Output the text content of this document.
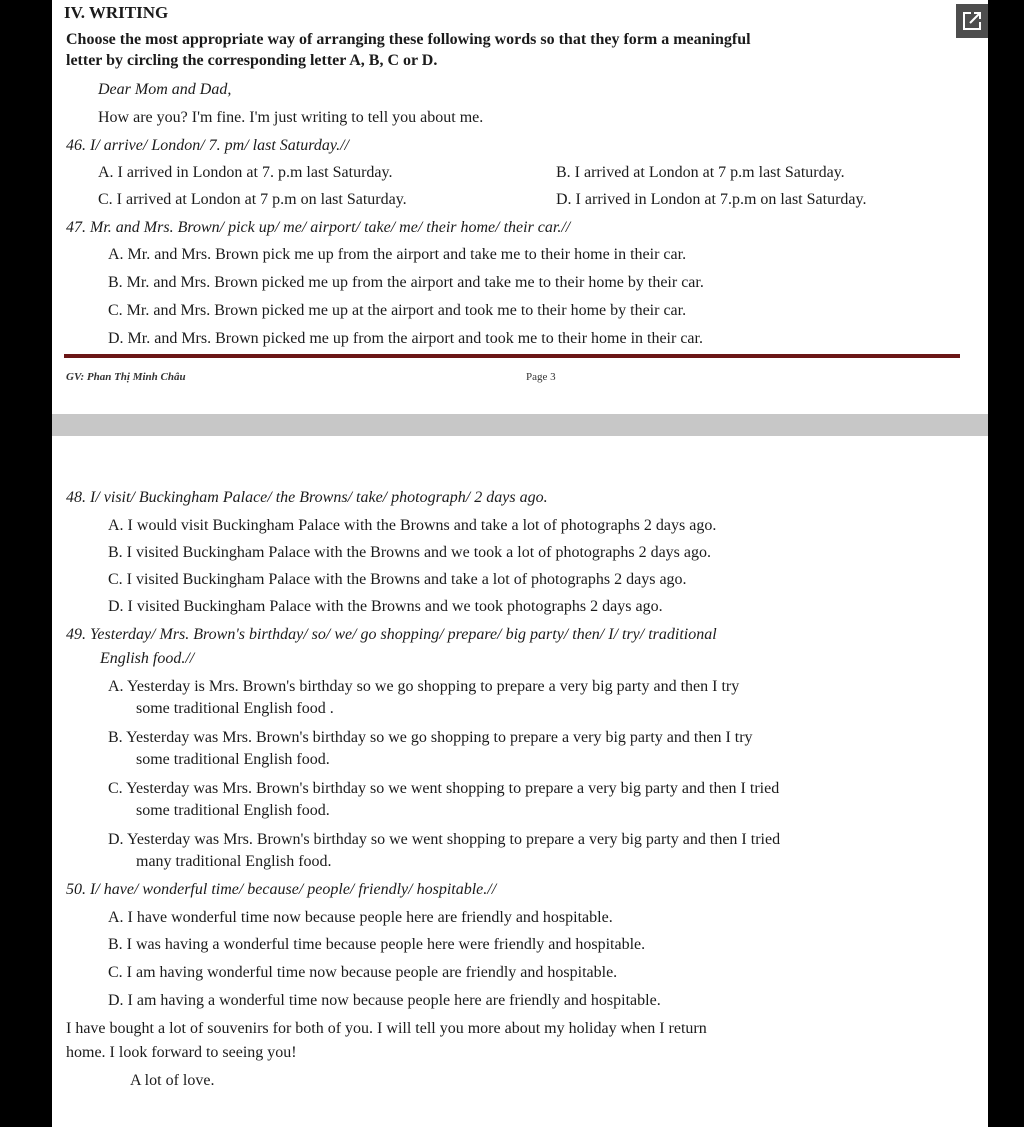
IV. WRITING
Choose the most appropriate way of arranging these following words so that they form a meaningful
letter by circling the corresponding letter A, B, C or D.
Dear Mom and Dad,
How are you? I'm fine. I'm just writing to tell you about me.
46. I/ arrive/ London/ 7. pm/ last Saturday.//
A. I arrived in London at 7. p.m last Saturday.	B. I arrived at London at 7 p.m last Saturday.
C. I arrived at London at 7 p.m on last Saturday.	D. I arrived in London at 7.p.m on last Saturday.
47. Mr. and Mrs. Brown/ pick up/ me/ airport/ take/ me/ their home/ their car.//
A. Mr. and Mrs. Brown pick me up from the airport and take me to their home in their car.
B. Mr. and Mrs. Brown picked me up from the airport and take me to their home by their car.
C. Mr. and Mrs. Brown picked me up at the airport and took me to their home by their car.
D. Mr. and Mrs. Brown picked me up from the airport and took me to their home in their car.
GV: Phan Thị Minh Châu	Page 3
48. I/ visit/ Buckingham Palace/ the Browns/ take/ photograph/ 2 days ago.
A. I would visit Buckingham Palace with the Browns and take a lot of photographs 2 days ago.
B. I visited Buckingham Palace with the Browns and we took a lot of photographs 2 days ago.
C. I visited Buckingham Palace with the Browns and take a lot of photographs 2 days ago.
D. I visited Buckingham Palace with the Browns and we took photographs 2 days ago.
49. Yesterday/ Mrs. Brown's birthday/ so/ we/ go shopping/ prepare/ big party/ then/ I/ try/ traditional
English food.//
A. Yesterday is Mrs. Brown's birthday so we go shopping to prepare a very big party and then I try
some traditional English food .
B. Yesterday was Mrs. Brown's birthday so we go shopping to prepare a very big party and then I try
some traditional English food.
C. Yesterday was Mrs. Brown's birthday so we went shopping to prepare a very big party and then I tried
some traditional English food.
D. Yesterday was Mrs. Brown's birthday so we went shopping to prepare a very big party and then I tried
many traditional English food.
50. I/ have/ wonderful time/ because/ people/ friendly/ hospitable.//
A. I have wonderful time now because people here are friendly and hospitable.
B. I was having a wonderful time because people here were friendly and hospitable.
C. I am having wonderful time now because people are friendly and hospitable.
D. I am having a wonderful time now because people here are friendly and hospitable.
I have bought a lot of souvenirs for both of you. I will tell you more about my holiday when I return
home. I look forward to seeing you!
A lot of love.
